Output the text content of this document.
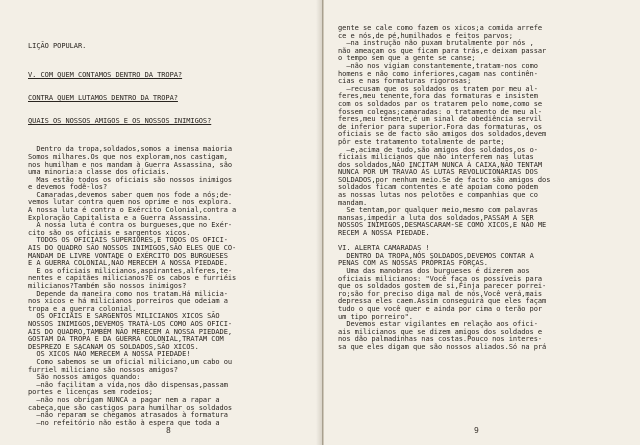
LIÇÃO POPULAR.

V. COM QUEM CONTAMOS DENTRO DA TROPA?

CONTRA QUEM LUTAMOS DENTRO DA TROPA?

QUAIS OS NOSSOS AMIGOS E OS NOSSOS INIMIGOS?

Dentro da tropa,soldados,somos a imensa maioria
Somos milhares.Os que nos exploram,nos castigam,
nos humilham e nos mandam à Guerra Assassina, são
uma minoria:a classe dos oficiais.
Mas estão todos os oficiais são nossos inimigos
e devemos fodê-los?
Camaradas,devemos saber quem nos fode a nós;de-
vemos lutar contra quem nos oprime e nos explora.
A nossa luta é contra o Exército Colonial,contra a
Exploração Capitalista e a Guerra Assassina.
A nossa luta é contra os burgueses,que no Exér-
cito são os oficiais e sargentos xicos.
TODOS OS OFICIAIS SUPERIORES,E TODOS OS OFICI-
AIS DO QUADRO SÃO NOSSOS INIMIGOS,SÃO ELES QUE CO-
MANDAM DE LIVRE VONTADE O EXÉRCITO DOS BURGUESES
E A GUERRA COLONIAL,NÃO MERECEM A NOSSA PIEDADE.
E os oficiais milicianos,aspirantes,alferes,te-
nentes e capitães milicianos?E os cabos e furriéis
milicianos?Também são nossos inimigos?
Depende da maneira como nos tratam.Há milicia-
nos xicos e há milicianos porreiros que odeiam a
tropa e a guerra colonial.
OS OFICIAIS E SARGENTOS MILICIANOS XICOS SÃO
NOSSOS INIMIGOS,DEVEMOS TRATÁ-LOS COMO AOS OFICI-
AIS DO QUADRO,TAMBÉM NÃO MERECEM A NOSSA PIEDADE,
GOSTAM DA TROPA E DA GUERRA COLONIAL,TRATAM COM
DESPREZO E SACANAM OS SOLDADOS,SÃO XICOS.
OS XICOS NÃO MERECEM A NOSSA PIEDADE!
Como sabemos se um oficial miliciano,um cabo ou
furriel miliciano são nossos amigos?
São nossos amigos quando:
—não facilitam a vida,nos dão dispensas,passam
portes e licenças sem rodeios;
—não nos obrigam NUNCA a pagar nem a rapar a
cabeça,que são castigos para humilhar os soldados
—não reparam se chegamos atrasados à formatura
—no refeitório não estão à espera que toda a

8
gente se cale como fazem os xicos;a comida arrefe
ce e nós,de pé,humilhados e feitos parvos;
—na instrução não puxam brutalmente por nós ,
não ameaçam os que ficam para trás,e deixam passar
o tempo sem que a gente se canse;
—não nos vigiam constantemente,tratam-nos como
homens e não como inferiores,cagam nas continên-
cias e nas formaturas rigorosas;
—recusam que os soldados os tratem por meu al-
feres,meu tenente,fora das formaturas e insistem
com os soldados par os tratarem pelo nome,como se
fossem colegas;camaradas: o tratamento de meu al-
feres,meu tenente,é um sinal de obediência servil
de inferior para superior.Fora das formaturas, os
oficiais se de facto são amigos dos soldados,devem
pôr este tratamento totalmente de parte;
—e,acima de tudo,são amigos dos soldados,os o-
ficiais milicianos que não interferem nas lutas
dos soldados,NÃO INCITAM NUNCA À CAIXA,NÃO TENTAM
NUNCA POR UM TRAVÃO ÀS LUTAS REVOLUCIONÁRIAS DOS
SOLDADOS,por nenhum meio.Se de facto são amigos dos
soldados ficam contentes e até apoiam como podem
as nossas lutas nos pelotões e companhias que co
mandam.
Se tentam,por qualquer meio,mesmo com palavras
mansas,impedir a luta dos soldados,PASSAM A SER
NOSSOS INIMIGOS,DESMASCARAM-SE COMO XICOS,E NÃO ME
RECEM A NOSSA PIEDADE.

VI. ALERTA CAMARADAS !
DENTRO DA TROPA,NÓS SOLDADOS,DEVEMOS CONTAR A
PENAS COM AS NOSSAS PRÓPRIAS FORÇAS.
Uma das manobras dos burgueses é dizerem aos
oficiais milicianos: "Você faça os possíveis para
que os soldados gostem de si,Finja parecer porrei-
ro;são for preciso diga mal de nós,Você verá,mais
depressa eles caem.Assim conseguirá que eles façam
tudo o que você quer e ainda por cima o terão por
um tipo porreiro".
Devemos estar vigilantes em relação aos ofici-
ais milicianos que se dizem amigos dos soldados e
nos dão palmadinhas nas costas.Pouco nos interes-
sa que eles digam que são nossos aliados.Só na prá
9
